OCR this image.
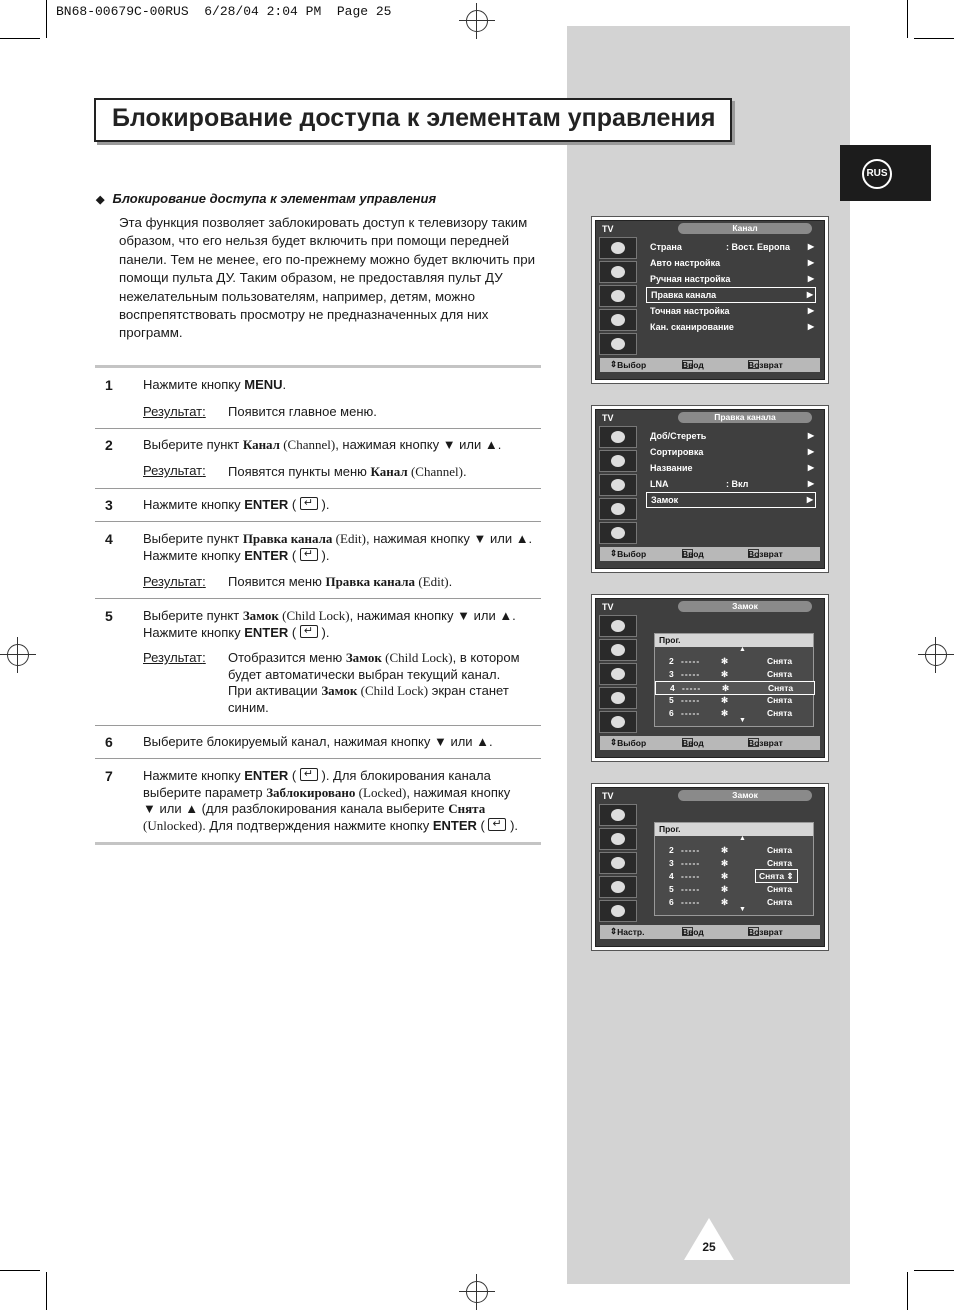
BN68-00679C-00RUS  6/28/04 2:04 PM  Page 25
Блокирование доступа к элементам управления
RUS
◆ Блокирование доступа к элементам управления
Эта функция позволяет заблокировать доступ к телевизору таким образом, что его нельзя будет включить при помощи передней панели. Тем не менее, его по-прежнему можно будет включить при помощи пульта ДУ. Таким образом, не предоставляя пульт ДУ нежелательным пользователям, например, детям, можно воспрепятствовать просмотру не предназначенных для них программ.
1 Нажмите кнопку MENU.
Результат: Появится главное меню.
2 Выберите пункт Канал (Channel), нажимая кнопку ▼ или ▲.
Результат: Появятся пункты меню Канал (Channel).
3 Нажмите кнопку ENTER ( ↵ ).
4 Выберите пункт Правка канала (Edit), нажимая кнопку ▼ или ▲.
Нажмите кнопку ENTER ( ↵ ).
Результат: Появится меню Правка канала (Edit).
5 Выберите пункт Замок (Child Lock), нажимая кнопку ▼ или ▲.
Нажмите кнопку ENTER ( ↵ ).
Результат: Отобразится меню Замок (Child Lock), в котором
будет автоматически выбран текущий канал.
При активации Замок (Child Lock) экран станет
синим.
6 Выберите блокируемый канал, нажимая кнопку ▼ или ▲.
7 Нажмите кнопку ENTER ( ↵ ). Для блокирования канала
выберите параметр Заблокировано (Locked), нажимая кнопку
▼ или ▲ (для разблокирования канала выберите Снята
(Unlocked). Для подтверждения нажмите кнопку ENTER ( ↵ ).
TV	Канал
Страна	: Вост. Европа ▶
Авто настройка	▶
Ручная настройка	▶
Правка канала	▶
Точная настройка	▶
Кан. сканирование	▶
⇕ Выбор	Ввод	Возврат
TV	Правка канала
Доб/Стереть	▶
Сортировка	▶
Название	▶
LNA	: Вкл	▶
Замок	▶
⇕ Выбор	Ввод	Возврат
TV	Замок
Прог.
▲
2 ----- ✻	Снята
3 ----- ✻	Снята
4 ----- ✻	Снята
5 ----- ✻	Снята
6 ----- ✻	Снята
▼
⇕ Выбор	Ввод	Возврат
TV	Замок
Прог.
▲
2 ----- ✻	Снята
3 ----- ✻	Снята
4 ----- ✻	Снята ⇕
5 ----- ✻	Снята
6 ----- ✻	Снята
▼
⇕ Настр.	Ввод	Возврат
25
